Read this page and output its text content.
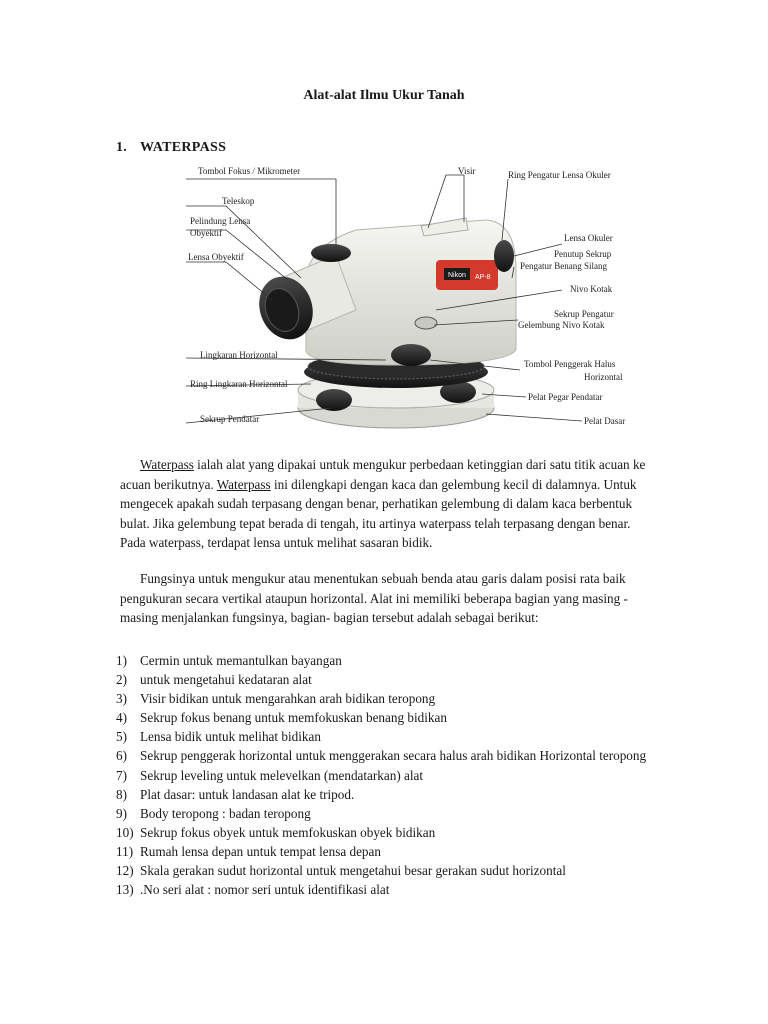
Alat-alat Ilmu Ukur Tanah
1. WATERPASS
Nikon AP-8
Tombol Fokus / Mikrometer
Teleskop
Pelindung Lensa
Obyektif
Lensa Obyektif
Lingkaran Horizontal
Ring Lingkaran Horizontal
Sekrup Pendatar
Visir	Ring Pengatur Lensa Okuler
Lensa Okuler
Penutup Sekrup
Pengatur Benang Silang
Nivo Kotak
Sekrup Pengatur
Gelembung Nivo Kotak
Tombol Penggerak Halus
Horizontal
Pelat Pegar Pendatar
Pelat Dasar

Waterpass ialah alat yang dipakai untuk mengukur perbedaan ketinggian dari satu titik acuan ke acuan berikutnya. Waterpass ini dilengkapi dengan kaca dan gelembung kecil di dalamnya. Untuk mengecek apakah sudah terpasang dengan benar, perhatikan gelembung di dalam kaca berbentuk bulat. Jika gelembung tepat berada di tengah, itu artinya waterpass telah terpasang dengan benar. Pada waterpass, terdapat lensa untuk melihat sasaran bidik.

Fungsinya untuk mengukur atau menentukan sebuah benda atau garis dalam posisi rata baik pengukuran secara vertikal ataupun horizontal. Alat ini memiliki beberapa bagian yang masing - masing menjalankan fungsinya, bagian- bagian tersebut adalah sebagai berikut:

1) Cermin untuk memantulkan bayangan
2) untuk mengetahui kedataran alat
3) Visir bidikan untuk mengarahkan arah bidikan teropong
4) Sekrup fokus benang untuk memfokuskan benang bidikan
5) Lensa bidik untuk melihat bidikan
6) Sekrup penggerak horizontal untuk menggerakan secara halus arah bidikan Horizontal teropong
7) Sekrup leveling untuk melevelkan (mendatarkan) alat
8) Plat dasar: untuk landasan alat ke tripod.
9) Body teropong : badan teropong
10) Sekrup fokus obyek untuk memfokuskan obyek bidikan
11) Rumah lensa depan untuk tempat lensa depan
12) Skala gerakan sudut horizontal untuk mengetahui besar gerakan sudut horizontal
13) .No seri alat : nomor seri untuk identifikasi alat
